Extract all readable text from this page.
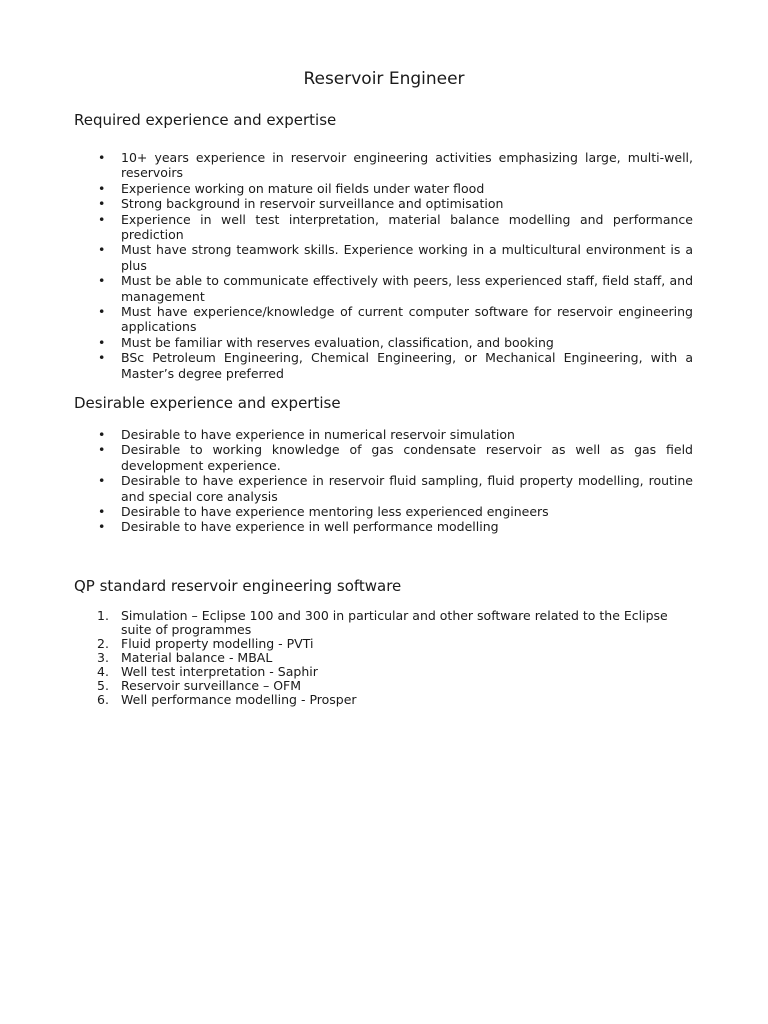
Reservoir Engineer
Required experience and expertise
• 10+ years experience in reservoir engineering activities emphasizing large, multi-well, reservoirs
• Experience working on mature oil fields under water flood
• Strong background in reservoir surveillance and optimisation
• Experience in well test interpretation, material balance modelling and performance prediction
• Must have strong teamwork skills. Experience working in a multicultural environment is a plus
• Must be able to communicate effectively with peers, less experienced staff, field staff, and management
• Must have experience/knowledge of current computer software for reservoir engineering applications
• Must be familiar with reserves evaluation, classification, and booking
• BSc Petroleum Engineering, Chemical Engineering, or Mechanical Engineering, with a Master’s degree preferred
Desirable experience and expertise
• Desirable to have experience in numerical reservoir simulation
• Desirable to working knowledge of gas condensate reservoir as well as gas field development experience.
• Desirable to have experience in reservoir fluid sampling, fluid property modelling, routine and special core analysis
• Desirable to have experience mentoring less experienced engineers
• Desirable to have experience in well performance modelling
QP standard reservoir engineering software
1. Simulation – Eclipse 100 and 300 in particular and other software related to the Eclipse suite of programmes
2. Fluid property modelling - PVTi
3. Material balance - MBAL
4. Well test interpretation - Saphir
5. Reservoir surveillance – OFM
6. Well performance modelling - Prosper
